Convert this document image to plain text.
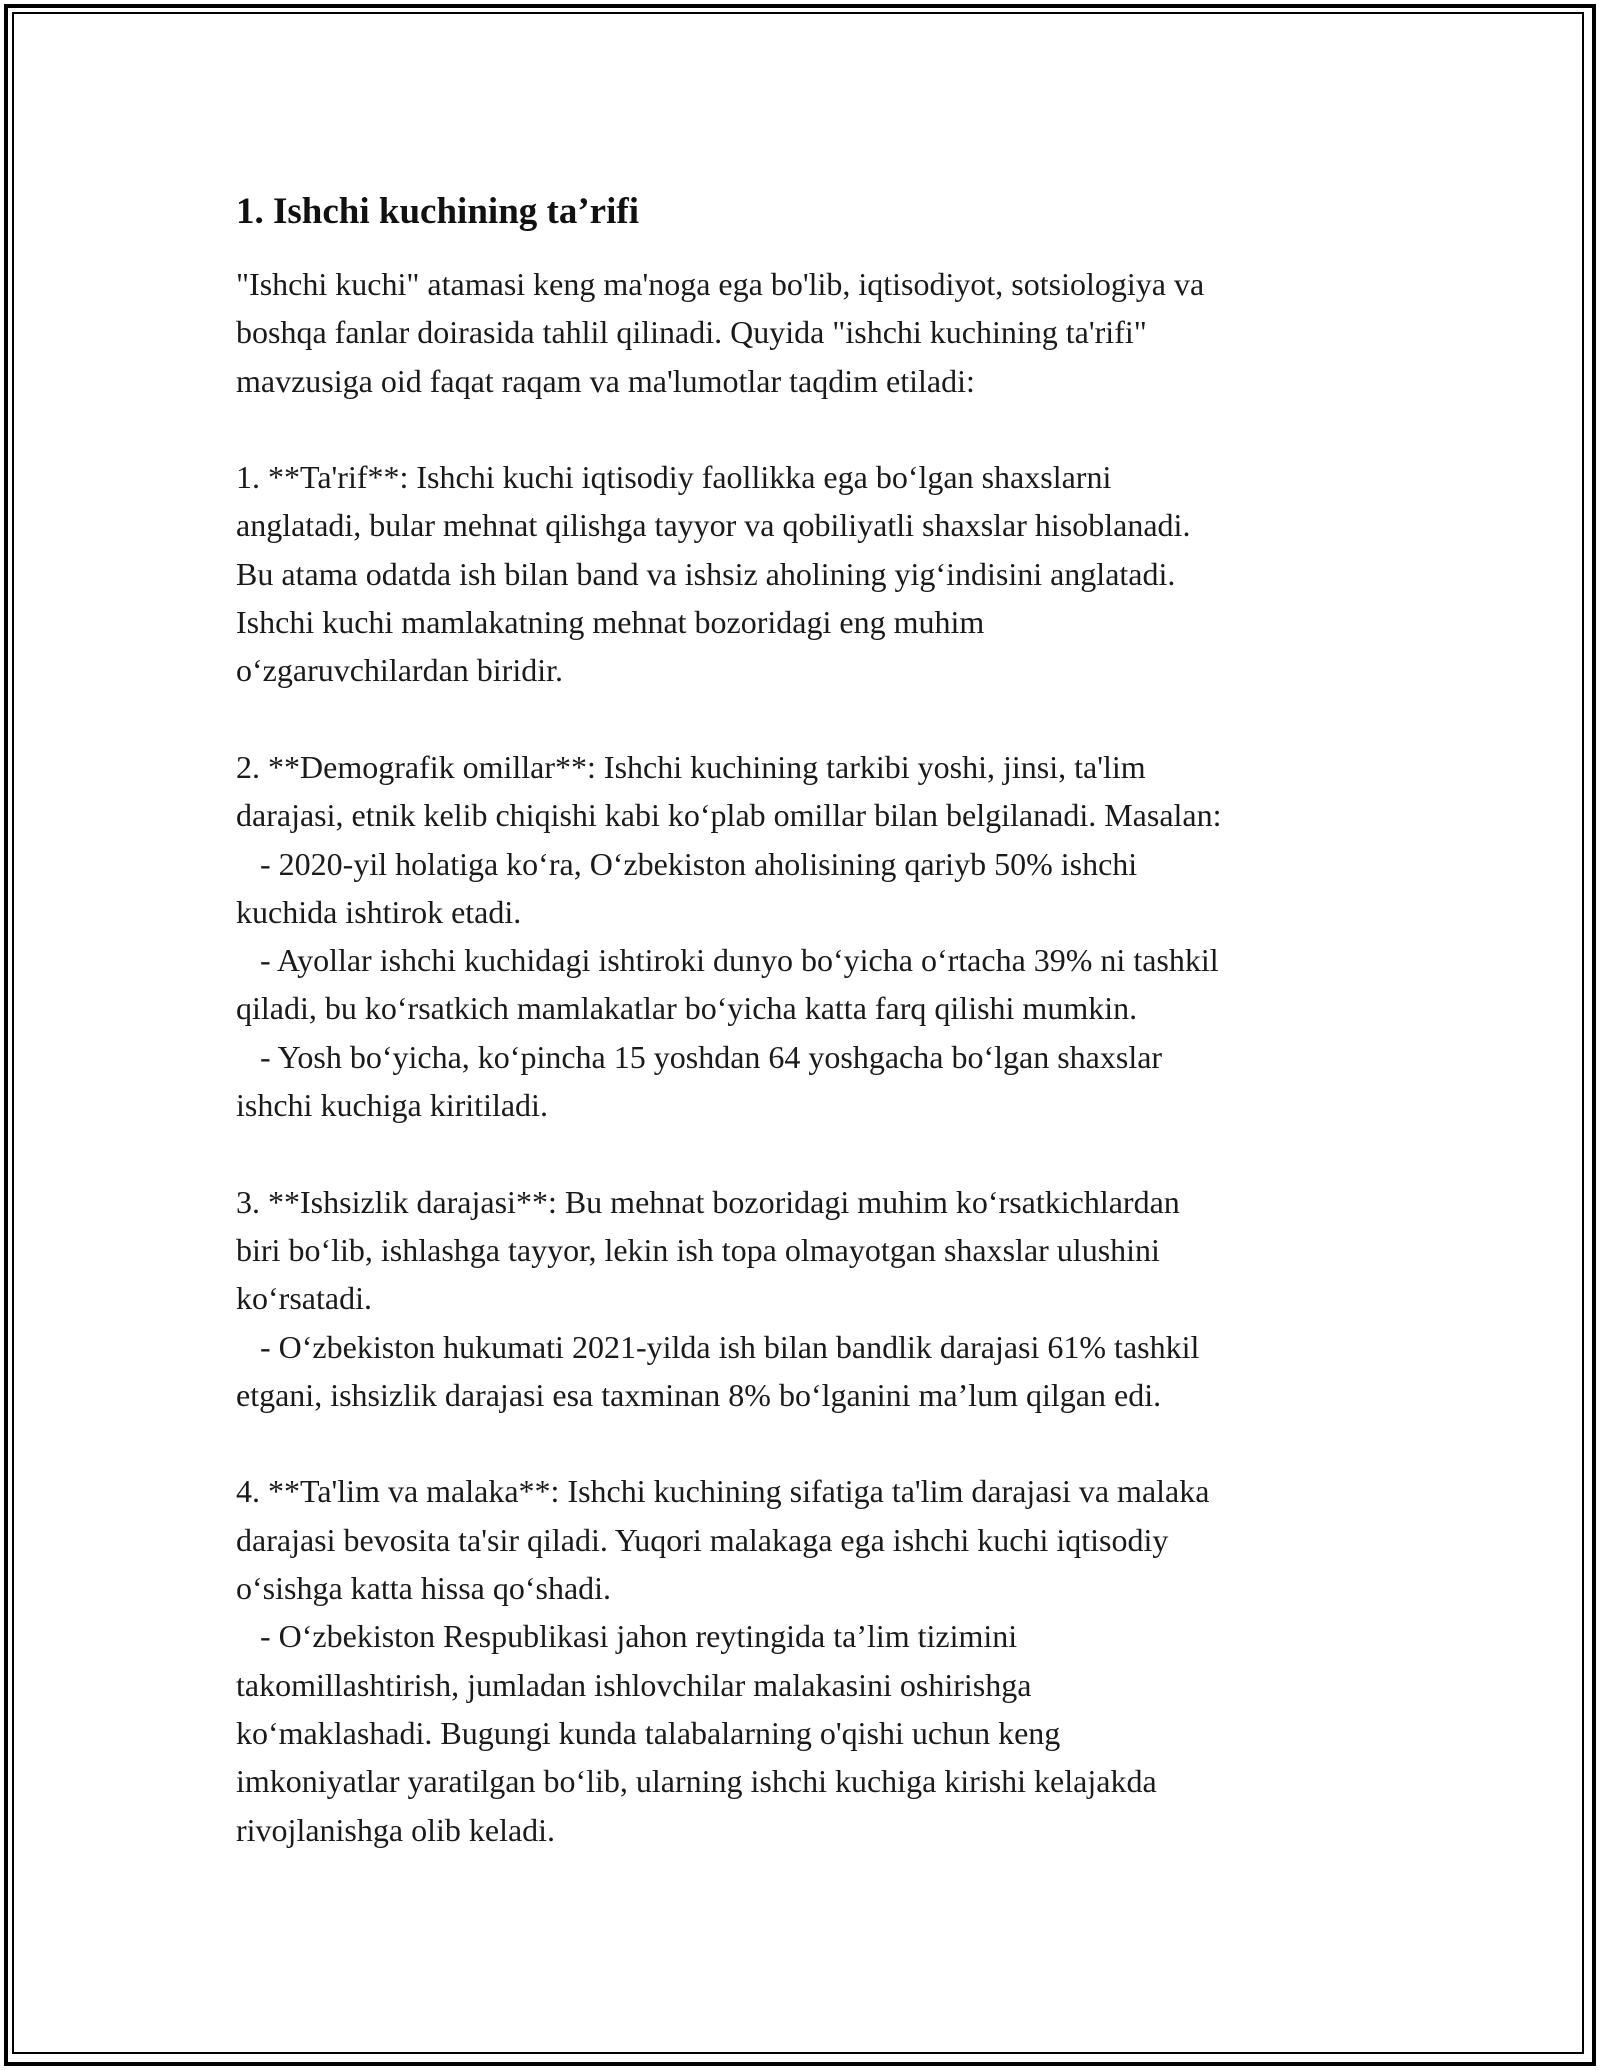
1. Ishchi kuchining ta’rifi
"Ishchi kuchi" atamasi keng ma'noga ega bo'lib, iqtisodiyot, sotsiologiya va
boshqa fanlar doirasida tahlil qilinadi. Quyida "ishchi kuchining ta'rifi"
mavzusiga oid faqat raqam va ma'lumotlar taqdim etiladi:
1. **Ta'rif**: Ishchi kuchi iqtisodiy faollikka ega boʻlgan shaxslarni
anglatadi, bular mehnat qilishga tayyor va qobiliyatli shaxslar hisoblanadi.
Bu atama odatda ish bilan band va ishsiz aholining yigʻindisini anglatadi.
Ishchi kuchi mamlakatning mehnat bozoridagi eng muhim
oʻzgaruvchilardan biridir.
2. **Demografik omillar**: Ishchi kuchining tarkibi yoshi, jinsi, ta'lim
darajasi, etnik kelib chiqishi kabi koʻplab omillar bilan belgilanadi. Masalan:
- 2020-yil holatiga koʻra, Oʻzbekiston aholisining qariyb 50% ishchi
kuchida ishtirok etadi.
- Ayollar ishchi kuchidagi ishtiroki dunyo boʻyicha oʻrtacha 39% ni tashkil
qiladi, bu koʻrsatkich mamlakatlar boʻyicha katta farq qilishi mumkin.
- Yosh boʻyicha, koʻpincha 15 yoshdan 64 yoshgacha boʻlgan shaxslar
ishchi kuchiga kiritiladi.
3. **Ishsizlik darajasi**: Bu mehnat bozoridagi muhim koʻrsatkichlardan
biri boʻlib, ishlashga tayyor, lekin ish topa olmayotgan shaxslar ulushini
koʻrsatadi.
- Oʻzbekiston hukumati 2021-yilda ish bilan bandlik darajasi 61% tashkil
etgani, ishsizlik darajasi esa taxminan 8% boʻlganini maʼlum qilgan edi.
4. **Ta'lim va malaka**: Ishchi kuchining sifatiga ta'lim darajasi va malaka
darajasi bevosita ta'sir qiladi. Yuqori malakaga ega ishchi kuchi iqtisodiy
oʻsishga katta hissa qoʻshadi.
- Oʻzbekiston Respublikasi jahon reytingida taʼlim tizimini
takomillashtirish, jumladan ishlovchilar malakasini oshirishga
koʻmaklashadi. Bugungi kunda talabalarning o'qishi uchun keng
imkoniyatlar yaratilgan boʻlib, ularning ishchi kuchiga kirishi kelajakda
rivojlanishga olib keladi.
